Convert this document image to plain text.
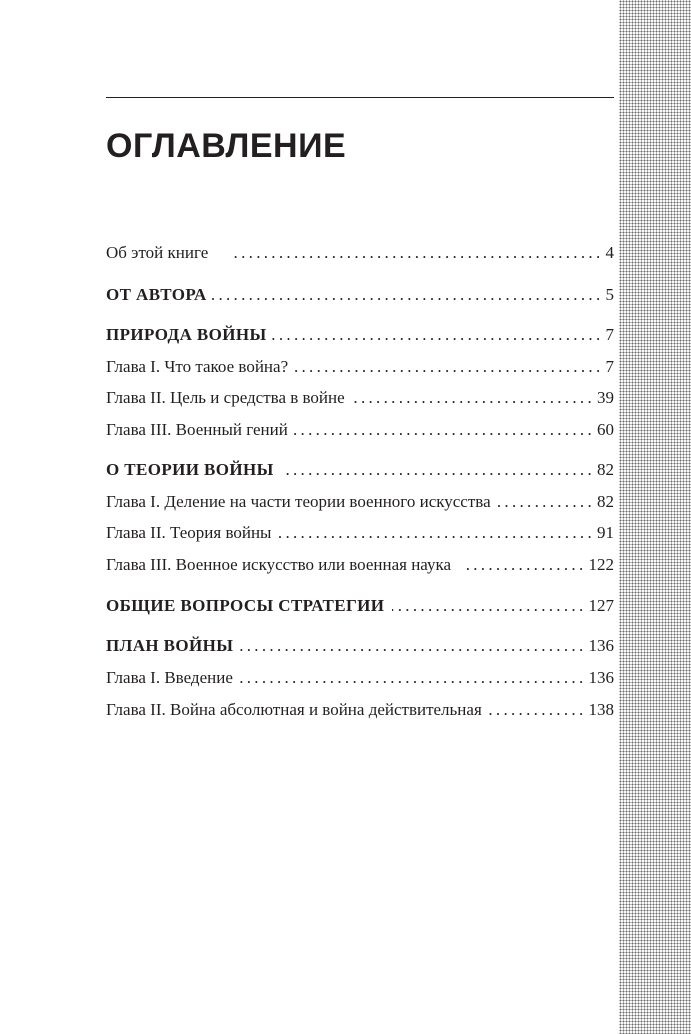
ОГЛАВЛЕНИЕ
Об этой книге .....	4
ОТ АВТОРА .....	5
ПРИРОДА ВОЙНЫ .....	7
Глава I. Что такое война? .....	7
Глава II. Цель и средства в войне .....	39
Глава III. Военный гений .....	60
О ТЕОРИИ ВОЙНЫ .....	82
Глава I. Деление на части теории военного искусства .....	82
Глава II. Теория войны .....	91
Глава III. Военное искусство или военная наука .....	122
ОБЩИЕ ВОПРОСЫ СТРАТЕГИИ .....	127
ПЛАН ВОЙНЫ .....	136
Глава I. Введение .....	136
Глава II. Война абсолютная и война действительная .....	138
